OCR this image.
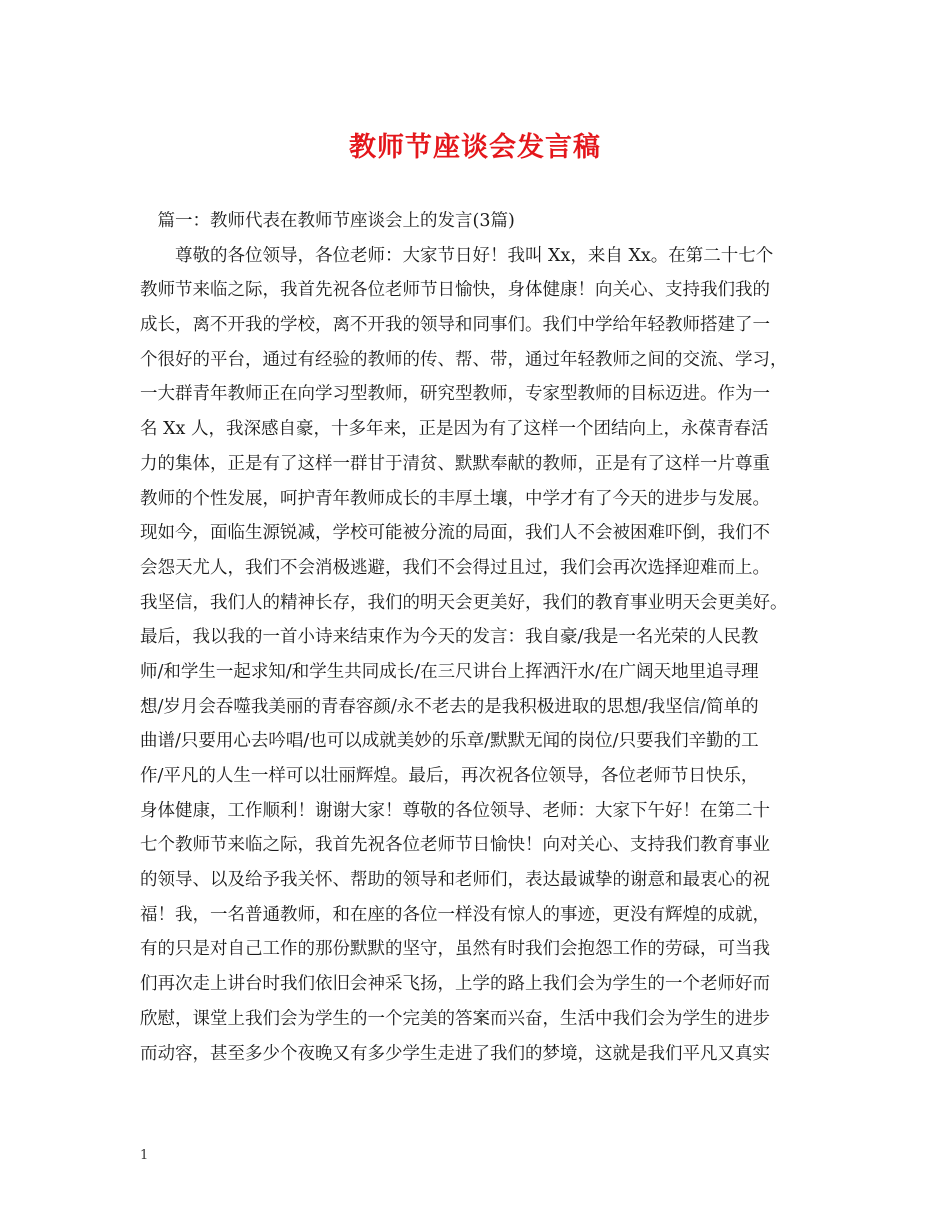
教师节座谈会发言稿
　篇一：教师代表在教师节座谈会上的发言(3篇)
　　尊敬的各位领导，各位老师：大家节日好！我叫 Xx，来自 Xx。在第二十七个
教师节来临之际，我首先祝各位老师节日愉快，身体健康！向关心、支持我们我的
成长，离不开我的学校，离不开我的领导和同事们。我们中学给年轻教师搭建了一
个很好的平台，通过有经验的教师的传、帮、带，通过年轻教师之间的交流、学习，
一大群青年教师正在向学习型教师，研究型教师，专家型教师的目标迈进。作为一
名 Xx 人，我深感自豪，十多年来，正是因为有了这样一个团结向上，永葆青春活
力的集体，正是有了这样一群甘于清贫、默默奉献的教师，正是有了这样一片尊重
教师的个性发展，呵护青年教师成长的丰厚土壤，中学才有了今天的进步与发展。
现如今，面临生源锐减，学校可能被分流的局面，我们人不会被困难吓倒，我们不
会怨天尤人，我们不会消极逃避，我们不会得过且过，我们会再次选择迎难而上。
我坚信，我们人的精神长存，我们的明天会更美好，我们的教育事业明天会更美好。
最后，我以我的一首小诗来结束作为今天的发言：我自豪/我是一名光荣的人民教
师/和学生一起求知/和学生共同成长/在三尺讲台上挥洒汗水/在广阔天地里追寻理
想/岁月会吞噬我美丽的青春容颜/永不老去的是我积极进取的思想/我坚信/简单的
曲谱/只要用心去吟唱/也可以成就美妙的乐章/默默无闻的岗位/只要我们辛勤的工
作/平凡的人生一样可以壮丽辉煌。最后，再次祝各位领导，各位老师节日快乐，
身体健康，工作顺利！谢谢大家！尊敬的各位领导、老师：大家下午好！在第二十
七个教师节来临之际，我首先祝各位老师节日愉快！向对关心、支持我们教育事业
的领导、以及给予我关怀、帮助的领导和老师们，表达最诚挚的谢意和最衷心的祝
福！我，一名普通教师，和在座的各位一样没有惊人的事迹，更没有辉煌的成就，
有的只是对自己工作的那份默默的坚守，虽然有时我们会抱怨工作的劳碌，可当我
们再次走上讲台时我们依旧会神采飞扬，上学的路上我们会为学生的一个老师好而
欣慰，课堂上我们会为学生的一个完美的答案而兴奋，生活中我们会为学生的进步
而动容，甚至多少个夜晚又有多少学生走进了我们的梦境，这就是我们平凡又真实
1
